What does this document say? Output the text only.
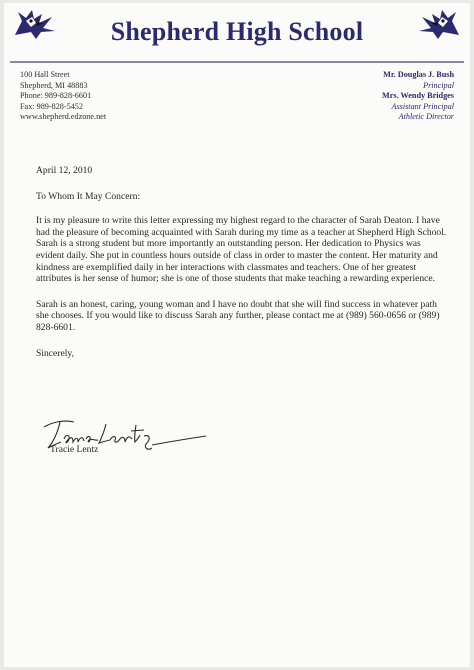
Shepherd High School
100 Hall Street
Shepherd, MI 48883
Phone: 989-828-6601
Fax: 989-828-5452
www.shepherd.edzone.net
Mr. Douglas J. Bush
Principal
Mrs. Wendy Bridges
Assistant Principal
Athletic Director

April 12, 2010

To Whom It May Concern:

It is my pleasure to write this letter expressing my highest regard to the character of Sarah Deaton. I have had the pleasure of becoming acquainted with Sarah during my time as a teacher at Shepherd High School. Sarah is a strong student but more importantly an outstanding person. Her dedication to Physics was evident daily. She put in countless hours outside of class in order to master the content. Her maturity and kindness are exemplified daily in her interactions with classmates and teachers. One of her greatest attributes is her sense of humor; she is one of those students that make teaching a rewarding experience.

Sarah is an honest, caring, young woman and I have no doubt that she will find success in whatever path she chooses. If you would like to discuss Sarah any further, please contact me at (989) 560-0656 or (989) 828-6601.

Sincerely,

Tracie Lentz
